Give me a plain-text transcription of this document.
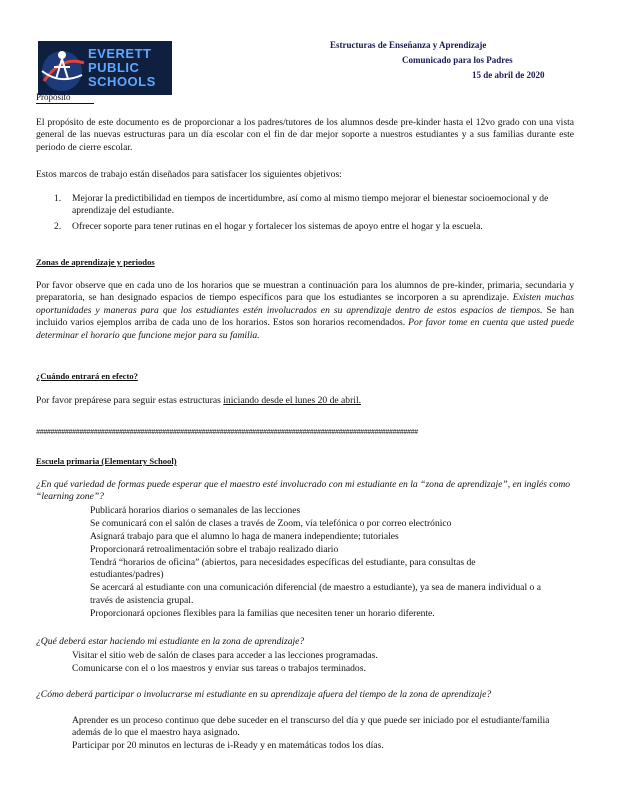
EVERETT
PUBLIC
SCHOOLS
Estructuras de Enseñanza y Aprendizaje
Comunicado para los Padres
15 de abril de 2020
Propósito

El propósito de este documento es de proporcionar a los padres/tutores de los alumnos desde pre-kinder hasta el 12vo grado con una vista general de las nuevas estructuras para un día escolar con el fin de dar mejor soporte a nuestros estudiantes y a sus familias durante este periodo de cierre escolar.

Estos marcos de trabajo están diseñados para satisfacer los siguientes objetivos:

1. Mejorar la predictibilidad en tiempos de incertidumbre, así como al mismo tiempo mejorar el bienestar socioemocional y de aprendizaje del estudiante.
2. Ofrecer soporte para tener rutinas en el hogar y fortalecer los sistemas de apoyo entre el hogar y la escuela.
Zonas de aprendizaje y periodos

Por favor observe que en cada uno de los horarios que se muestran a continuación para los alumnos de pre-kinder, primaria, secundaria y preparatoria, se han designado espacios de tiempo específicos para que los estudiantes se incorporen a su aprendizaje. Existen muchas oportunidades y maneras para que los estudiantes estén involucrados en su aprendizaje dentro de estos espacios de tiempos. Se han incluido varios ejemplos arriba de cada uno de los horarios. Estos son horarios recomendados. Por favor tome en cuenta que usted puede determinar el horario que funcione mejor para su familia.

¿Cuándo entrará en efecto?

Por favor prepárese para seguir estas estructuras iniciando desde el lunes 20 de abril.

##########################################################################################################
Escuela primaria (Elementary School)

¿En qué variedad de formas puede esperar que el maestro esté involucrado con mi estudiante en la “zona de aprendizaje”, en inglés como “learning zone”?

Publicará horarios diarios o semanales de las lecciones
Se comunicará con el salón de clases a través de Zoom, vía telefónica o por correo electrónico
Asignará trabajo para que el alumno lo haga de manera independiente; tutoriales
Proporcionará retroalimentación sobre el trabajo realizado diario
Tendrá “horarios de oficina” (abiertos, para necesidades específicas del estudiante, para consultas de estudiantes/padres)
Se acercará al estudiante con una comunicación diferencial (de maestro a estudiante), ya sea de manera individual o a través de asistencia grupal.
Proporcionará opciones flexibles para la familias que necesiten tener un horario diferente.

¿Qué deberá estar haciendo mi estudiante en la zona de aprendizaje?

Visitar el sitio web de salón de clases para acceder a las lecciones programadas.
Comunicarse con el o los maestros y enviar sus tareas o trabajos terminados.

¿Cómo deberá participar o involucrarse mi estudiante en su aprendizaje afuera del tiempo de la zona de aprendizaje?

Aprender es un proceso continuo que debe suceder en el transcurso del día y que puede ser iniciado por el estudiante/familia además de lo que el maestro haya asignado.
Participar por 20 minutos en lecturas de i-Ready y en matemáticas todos los días.
